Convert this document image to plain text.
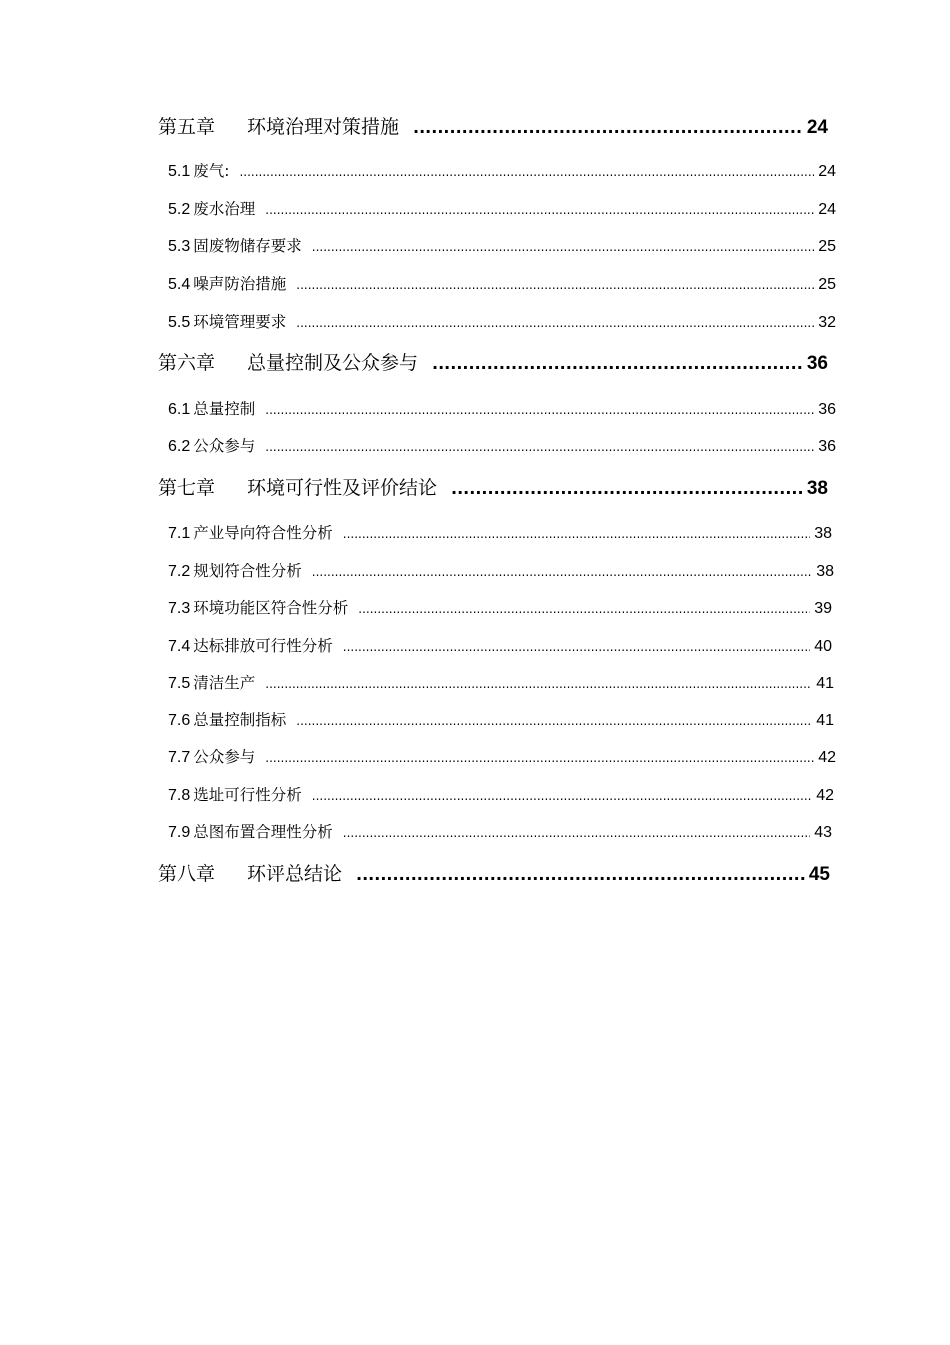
第五章 环境治理对策措施 .....	24
5.1 废气: .....	24
5.2 废水治理 .....	24
5.3 固废物储存要求 .....	25
5.4 噪声防治措施 .....	25
5.5 环境管理要求 .....	32
第六章 总量控制及公众参与 .....	36
6.1 总量控制 .....	36
6.2 公众参与 .....	36
第七章 环境可行性及评价结论 .....	38
7.1 产业导向符合性分析 .....	38
7.2 规划符合性分析 .....	38
7.3 环境功能区符合性分析 .....	39
7.4 达标排放可行性分析 .....	40
7.5 清洁生产 .....	41
7.6 总量控制指标 .....	41
7.7 公众参与 .....	42
7.8 选址可行性分析 .....	42
7.9 总图布置合理性分析 .....	43
第八章 环评总结论 .....	45
